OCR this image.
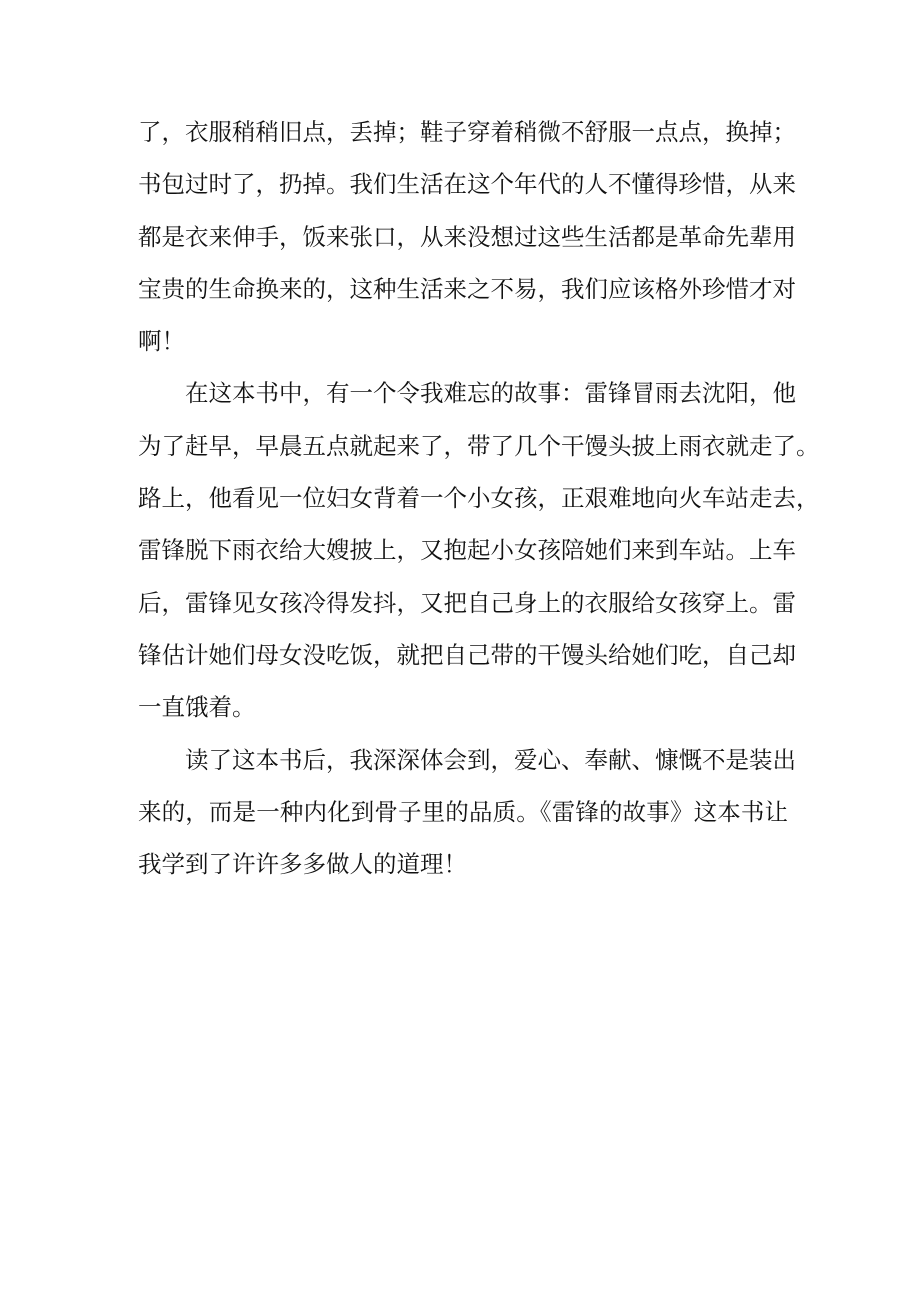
了，衣服稍稍旧点，丢掉；鞋子穿着稍微不舒服一点点，换掉；
书包过时了，扔掉。我们生活在这个年代的人不懂得珍惜，从来
都是衣来伸手，饭来张口，从来没想过这些生活都是革命先辈用
宝贵的生命换来的，这种生活来之不易，我们应该格外珍惜才对
啊！
在这本书中，有一个令我难忘的故事：雷锋冒雨去沈阳，他
为了赶早，早晨五点就起来了，带了几个干馒头披上雨衣就走了。
路上，他看见一位妇女背着一个小女孩，正艰难地向火车站走去，
雷锋脱下雨衣给大嫂披上，又抱起小女孩陪她们来到车站。上车
后，雷锋见女孩冷得发抖，又把自己身上的衣服给女孩穿上。雷
锋估计她们母女没吃饭，就把自己带的干馒头给她们吃，自己却
一直饿着。
读了这本书后，我深深体会到，爱心、奉献、慷慨不是装出
来的，而是一种内化到骨子里的品质。《雷锋的故事》这本书让
我学到了许许多多做人的道理！
